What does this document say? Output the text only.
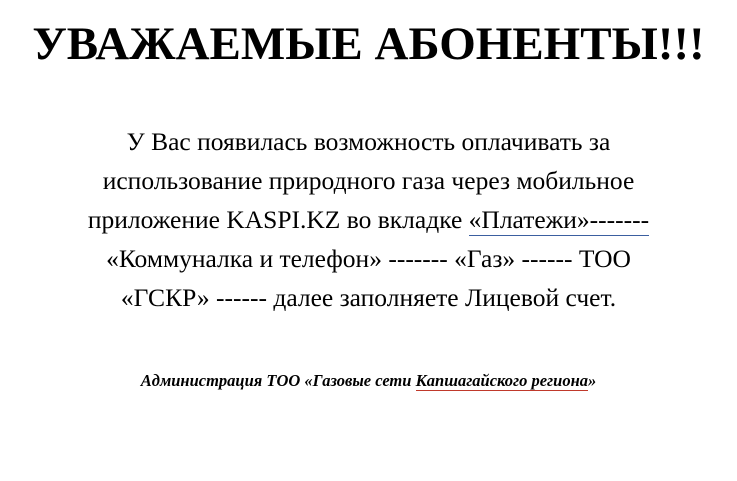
УВАЖАЕМЫЕ АБОНЕНТЫ!!!
У Вас появилась возможность оплачивать за
использование природного газа через мобильное
приложение KASPI.KZ во вкладке «Платежи»-------
«Коммуналка и телефон» ------- «Газ» ------ ТОО
«ГСКР» ------ далее заполняете Лицевой счет.
Администрация ТОО «Газовые сети Капшагайского региона»
